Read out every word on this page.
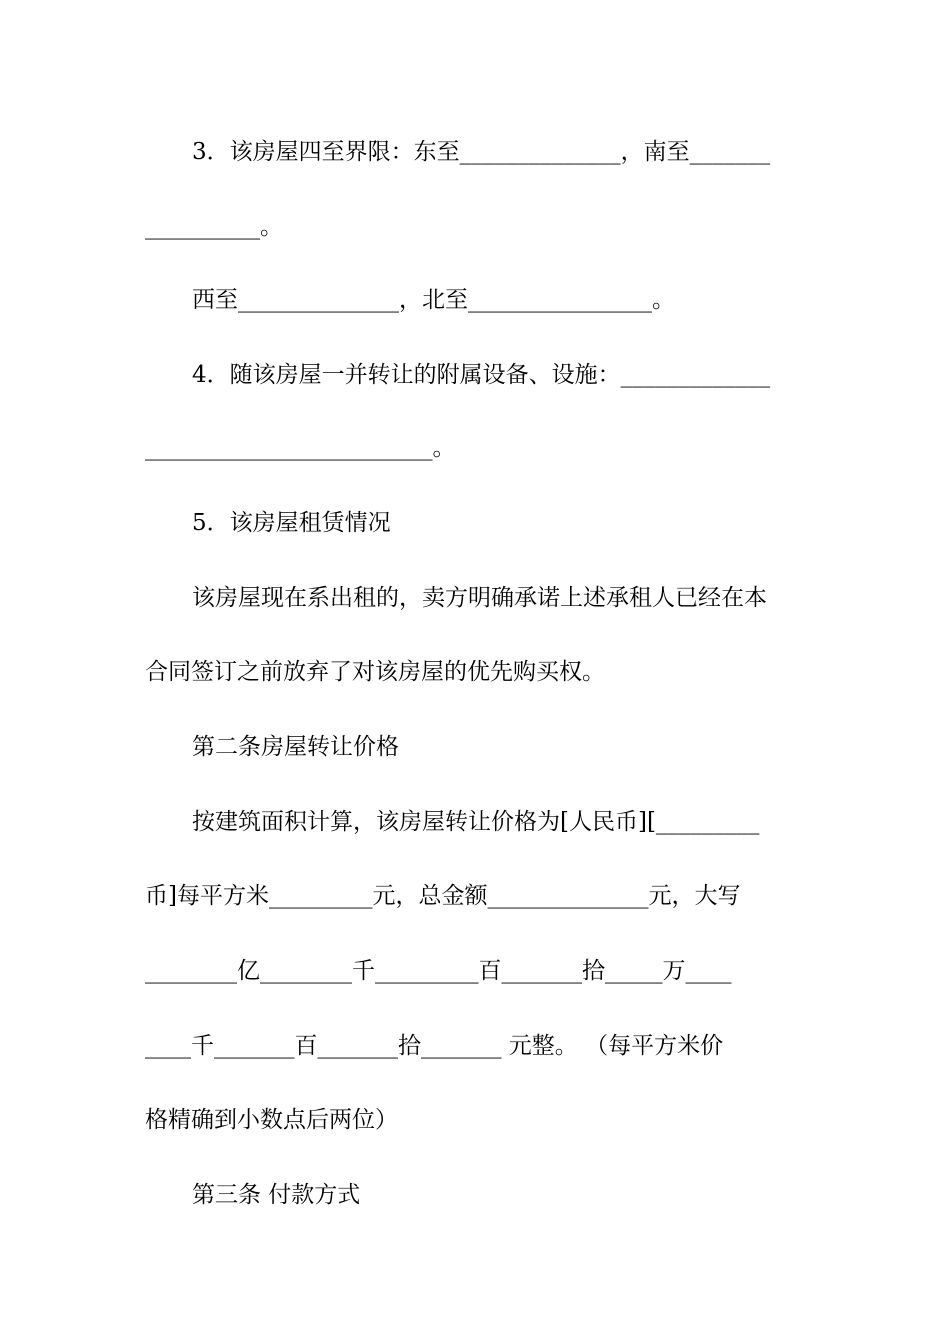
3．该房屋四至界限：东至______________，南至_______
__________。
西至______________，北至________________。
4．随该房屋一并转让的附属设备、设施：_____________
_________________________。
5．该房屋租赁情况
该房屋现在系出租的，卖方明确承诺上述承租人已经在本
合同签订之前放弃了对该房屋的优先购买权。
第二条房屋转让价格
按建筑面积计算，该房屋转让价格为[人民币][_________
币]每平方米_________元，总金额______________元，大写
________亿________千_________百_______拾_____万____
____千_______百_______拾_______ 元整。 （每平方米价
格精确到小数点后两位）
第三条 付款方式
